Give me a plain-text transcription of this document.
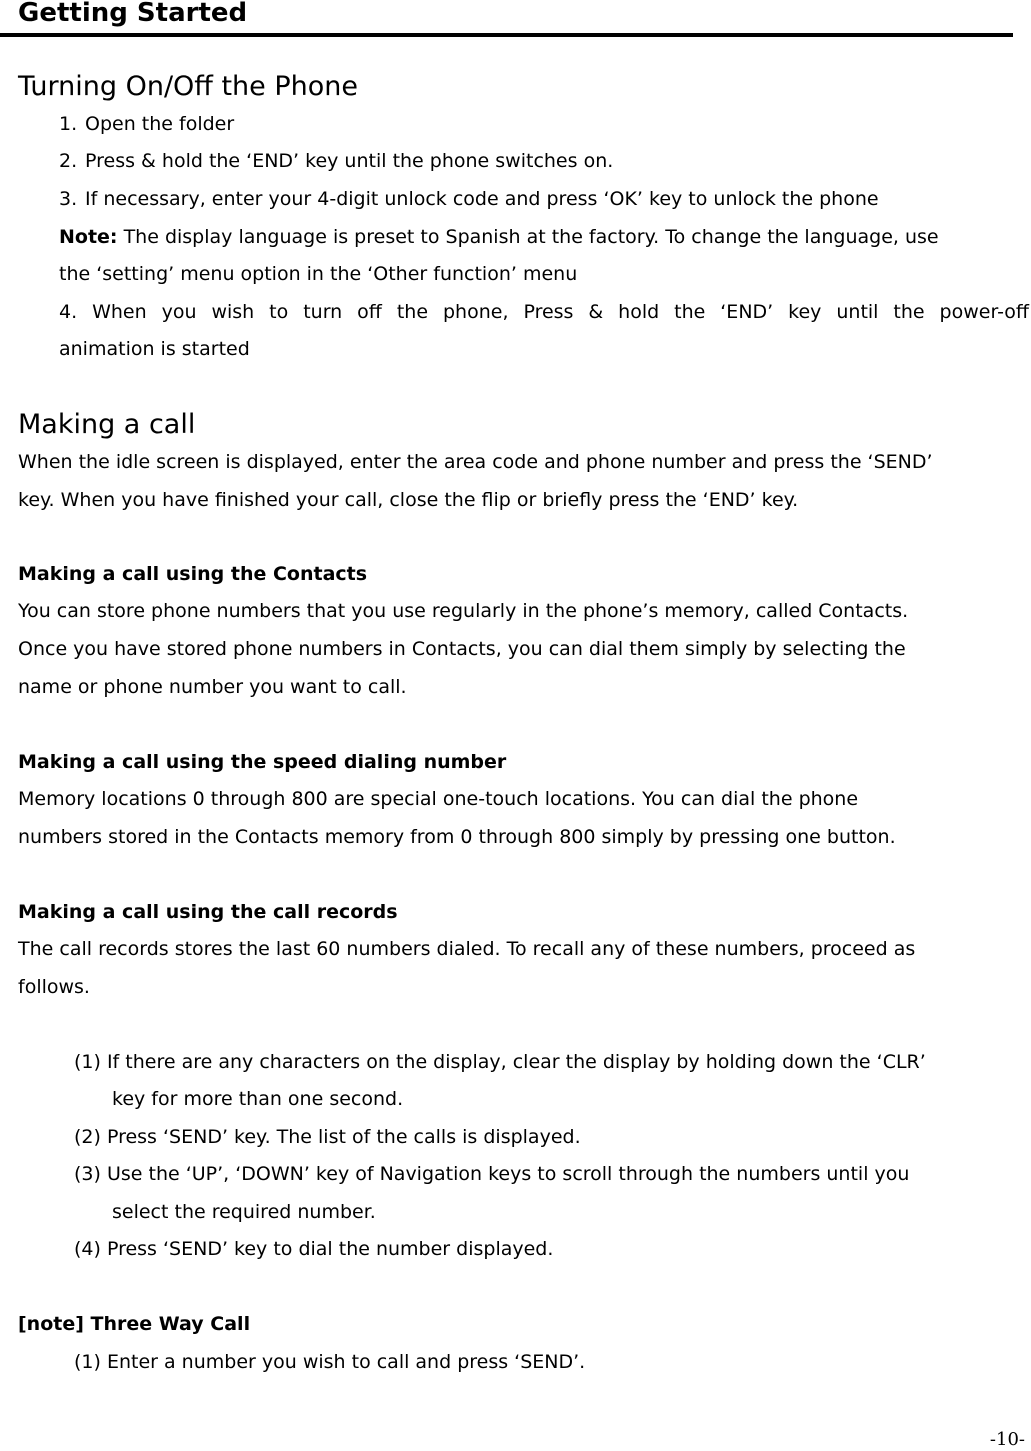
Getting Started
Turning On/Off the Phone

1. Open the folder

2. Press & hold the ‘END’ key until the phone switches on.

3. If necessary, enter your 4-digit unlock code and press ‘OK’ key to unlock the phone

Note: The display language is preset to Spanish at the factory. To change the language, use

the ‘setting’ menu option in the ‘Other function’ menu

4. When you wish to turn off the phone, Press & hold the ‘END’ key until the power-off

animation is started

Making a call

When the idle screen is displayed, enter the area code and phone number and press the ‘SEND’

key. When you have finished your call, close the flip or briefly press the ‘END’ key.

Making a call using the Contacts

You can store phone numbers that you use regularly in the phone’s memory, called Contacts.

Once you have stored phone numbers in Contacts, you can dial them simply by selecting the

name or phone number you want to call.

Making a call using the speed dialing number

Memory locations 0 through 800 are special one-touch locations. You can dial the phone

numbers stored in the Contacts memory from 0 through 800 simply by pressing one button.

Making a call using the call records

The call records stores the last 60 numbers dialed. To recall any of these numbers, proceed as

follows.

(1) If there are any characters on the display, clear the display by holding down the ‘CLR’

key for more than one second.

(2) Press ‘SEND’ key. The list of the calls is displayed.

(3) Use the ‘UP’, ‘DOWN’ key of Navigation keys to scroll through the numbers until you

select the required number.

(4) Press ‘SEND’ key to dial the number displayed.

[note] Three Way Call

(1) Enter a number you wish to call and press ‘SEND’.

-10-
